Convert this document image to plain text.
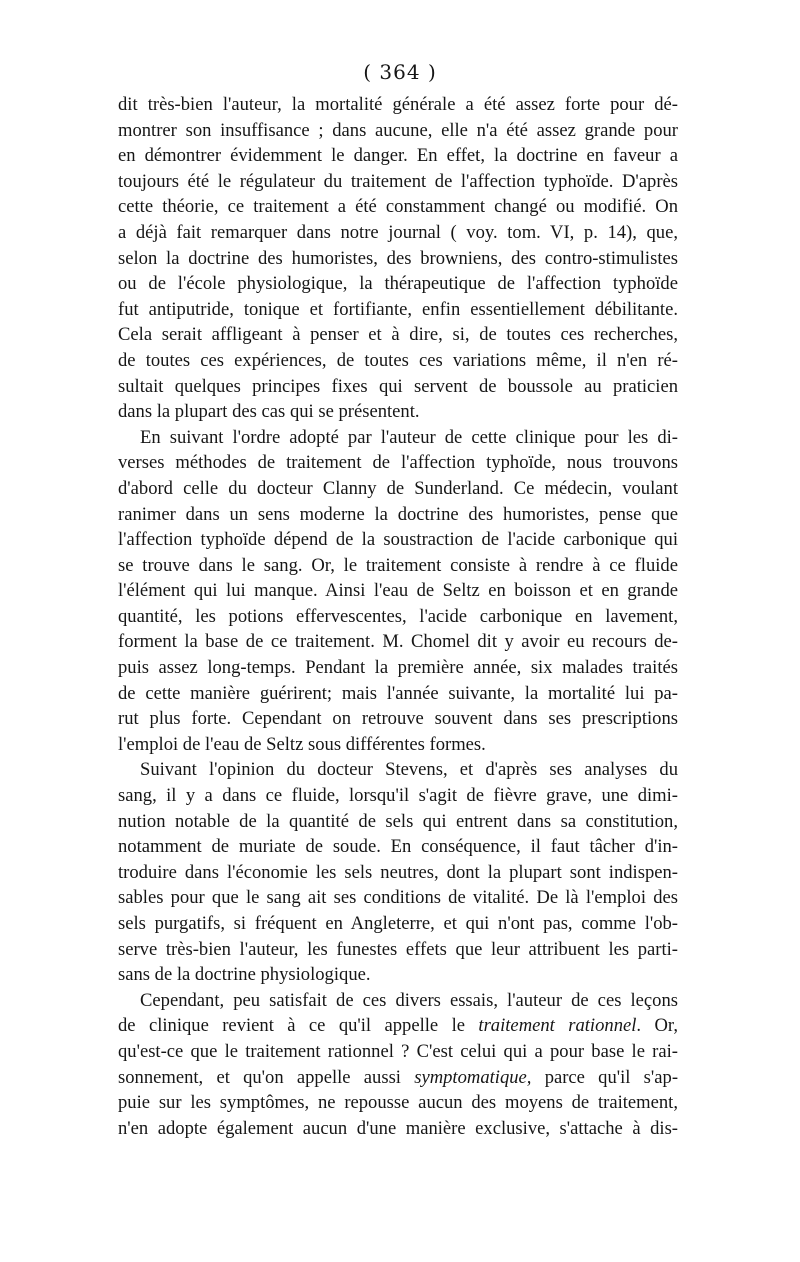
( 364 )

dit très-bien l'auteur, la mortalité générale a été assez forte pour dé-
montrer son insuffisance ; dans aucune, elle n'a été assez grande pour
en démontrer évidemment le danger. En effet, la doctrine en faveur a
toujours été le régulateur du traitement de l'affection typhoïde. D'après
cette théorie, ce traitement a été constamment changé ou modifié. On
a déjà fait remarquer dans notre journal ( voy. tom. VI, p. 14), que,
selon la doctrine des humoristes, des browniens, des contro-stimulistes
ou de l'école physiologique, la thérapeutique de l'affection typhoïde
fut antiputride, tonique et fortifiante, enfin essentiellement débilitante.
Cela serait affligeant à penser et à dire, si, de toutes ces recherches,
de toutes ces expériences, de toutes ces variations même, il n'en ré-
sultait quelques principes fixes qui servent de boussole au praticien
dans la plupart des cas qui se présentent.

En suivant l'ordre adopté par l'auteur de cette clinique pour les di-
verses méthodes de traitement de l'affection typhoïde, nous trouvons
d'abord celle du docteur Clanny de Sunderland. Ce médecin, voulant
ranimer dans un sens moderne la doctrine des humoristes, pense que
l'affection typhoïde dépend de la soustraction de l'acide carbonique qui
se trouve dans le sang. Or, le traitement consiste à rendre à ce fluide
l'élément qui lui manque. Ainsi l'eau de Seltz en boisson et en grande
quantité, les potions effervescentes, l'acide carbonique en lavement,
forment la base de ce traitement. M. Chomel dit y avoir eu recours de-
puis assez long-temps. Pendant la première année, six malades traités
de cette manière guérirent; mais l'année suivante, la mortalité lui pa-
rut plus forte. Cependant on retrouve souvent dans ses prescriptions
l'emploi de l'eau de Seltz sous différentes formes.

Suivant l'opinion du docteur Stevens, et d'après ses analyses du
sang, il y a dans ce fluide, lorsqu'il s'agit de fièvre grave, une dimi-
nution notable de la quantité de sels qui entrent dans sa constitution,
notamment de muriate de soude. En conséquence, il faut tâcher d'in-
troduire dans l'économie les sels neutres, dont la plupart sont indispen-
sables pour que le sang ait ses conditions de vitalité. De là l'emploi des
sels purgatifs, si fréquent en Angleterre, et qui n'ont pas, comme l'ob-
serve très-bien l'auteur, les funestes effets que leur attribuent les parti-
sans de la doctrine physiologique.

Cependant, peu satisfait de ces divers essais, l'auteur de ces leçons
de clinique revient à ce qu'il appelle le traitement rationnel. Or,
qu'est-ce que le traitement rationnel ? C'est celui qui a pour base le rai-
sonnement, et qu'on appelle aussi symptomatique, parce qu'il s'ap-
puie sur les symptômes, ne repousse aucun des moyens de traitement,
n'en adopte également aucun d'une manière exclusive, s'attache à dis-
